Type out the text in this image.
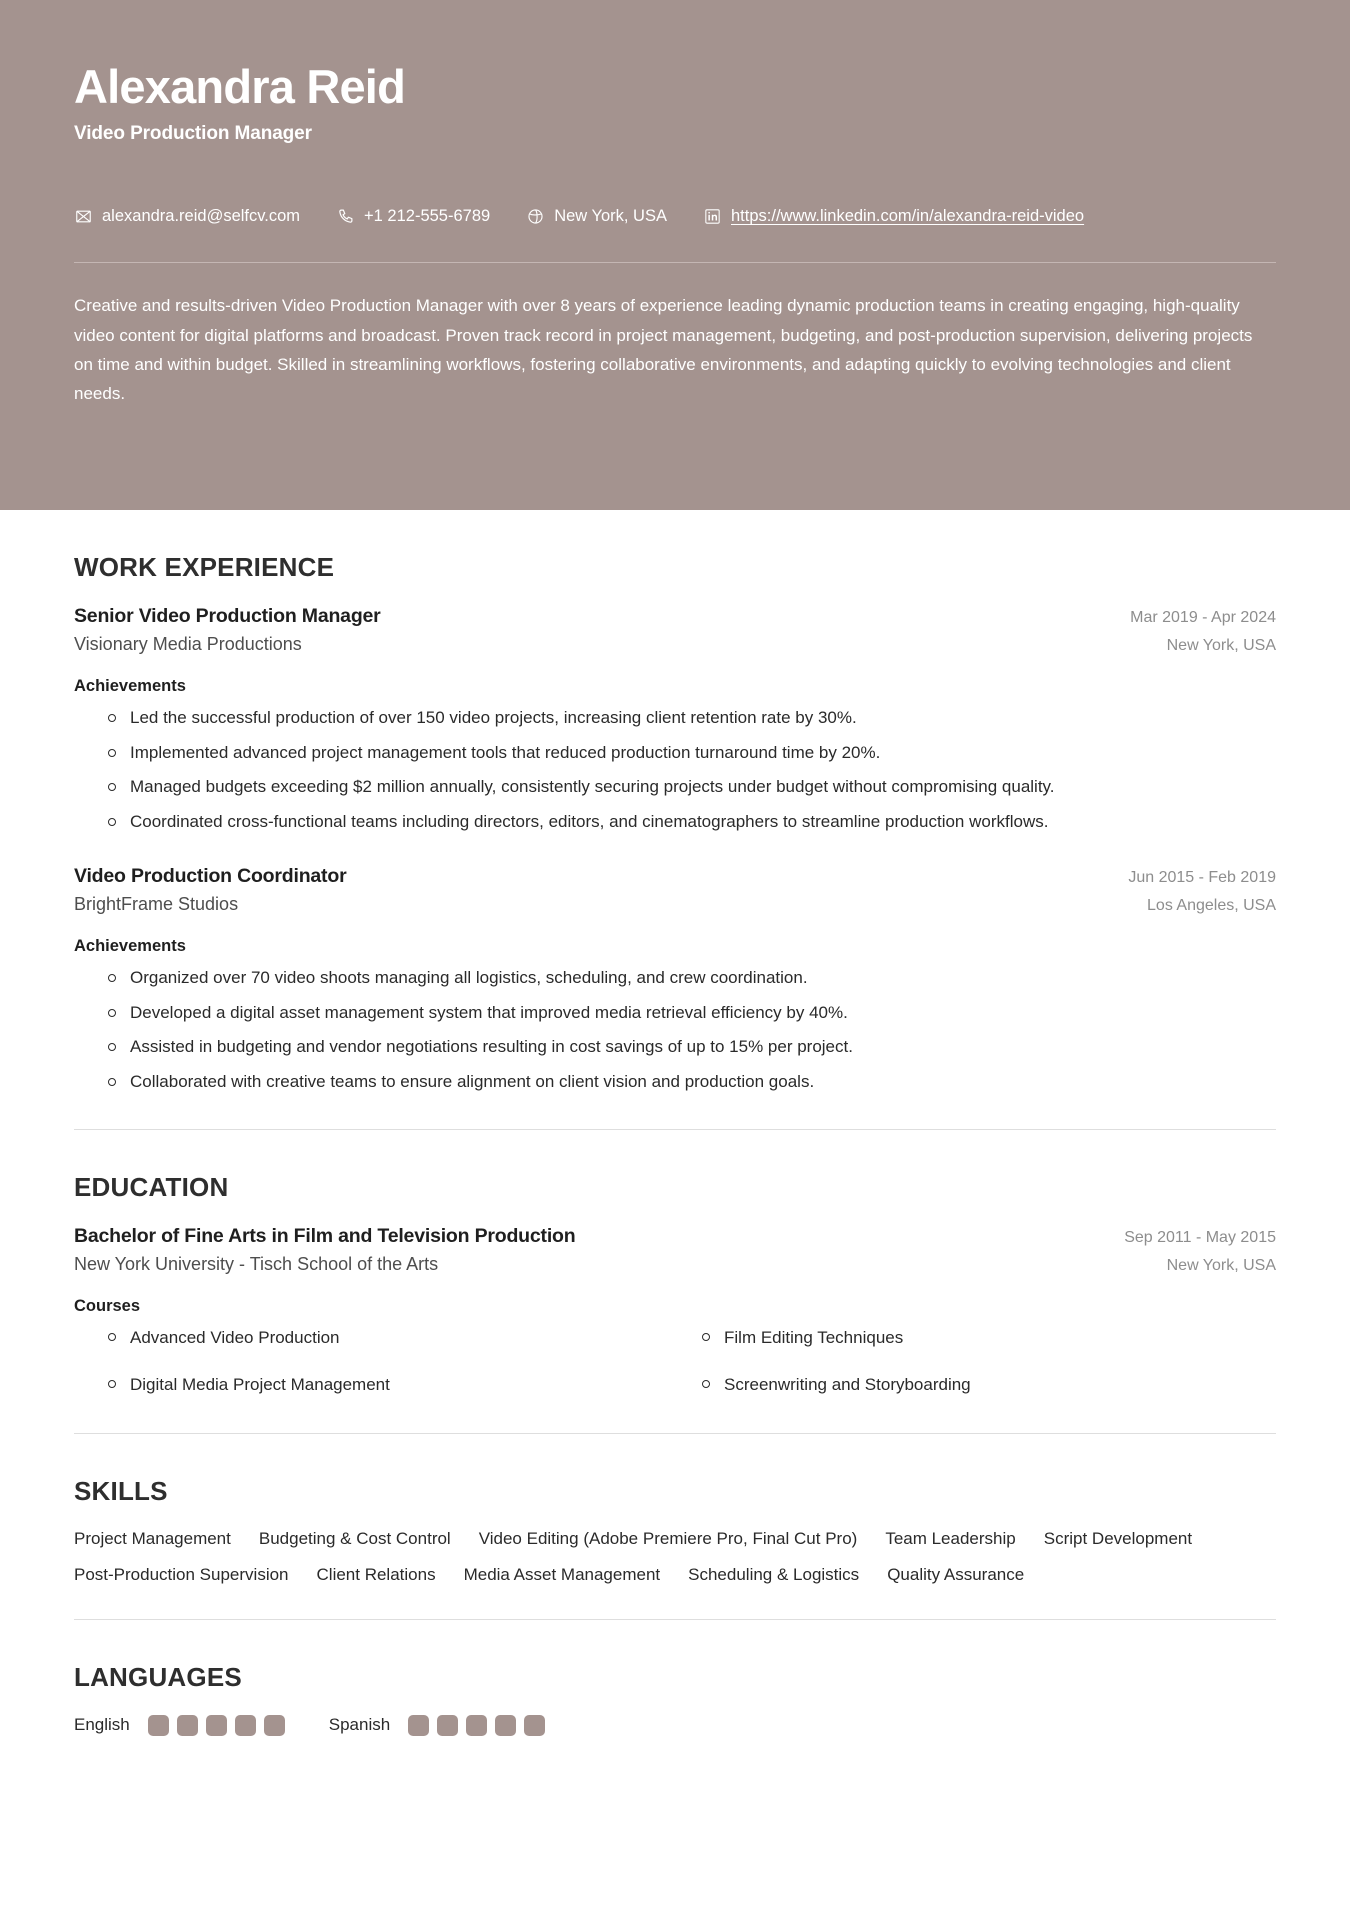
Alexandra Reid
Video Production Manager
alexandra.reid@selfcv.com	+1 212-555-6789	New York, USA	https://www.linkedin.com/in/alexandra-reid-video
Creative and results-driven Video Production Manager with over 8 years of experience leading dynamic production teams in creating engaging, high-quality video content for digital platforms and broadcast. Proven track record in project management, budgeting, and post-production supervision, delivering projects on time and within budget. Skilled in streamlining workflows, fostering collaborative environments, and adapting quickly to evolving technologies and client needs.
WORK EXPERIENCE
Senior Video Production Manager	Mar 2019 - Apr 2024
Visionary Media Productions	New York, USA
Achievements
Led the successful production of over 150 video projects, increasing client retention rate by 30%.
Implemented advanced project management tools that reduced production turnaround time by 20%.
Managed budgets exceeding $2 million annually, consistently securing projects under budget without compromising quality.
Coordinated cross-functional teams including directors, editors, and cinematographers to streamline production workflows.
Video Production Coordinator	Jun 2015 - Feb 2019
BrightFrame Studios	Los Angeles, USA
Achievements
Organized over 70 video shoots managing all logistics, scheduling, and crew coordination.
Developed a digital asset management system that improved media retrieval efficiency by 40%.
Assisted in budgeting and vendor negotiations resulting in cost savings of up to 15% per project.
Collaborated with creative teams to ensure alignment on client vision and production goals.
EDUCATION
Bachelor of Fine Arts in Film and Television Production	Sep 2011 - May 2015
New York University - Tisch School of the Arts	New York, USA
Courses
Advanced Video Production	Film Editing Techniques
Digital Media Project Management	Screenwriting and Storyboarding
SKILLS
Project Management Budgeting & Cost Control Video Editing (Adobe Premiere Pro, Final Cut Pro) Team Leadership Script Development
Post-Production Supervision Client Relations Media Asset Management Scheduling & Logistics Quality Assurance
LANGUAGES
English	Spanish
